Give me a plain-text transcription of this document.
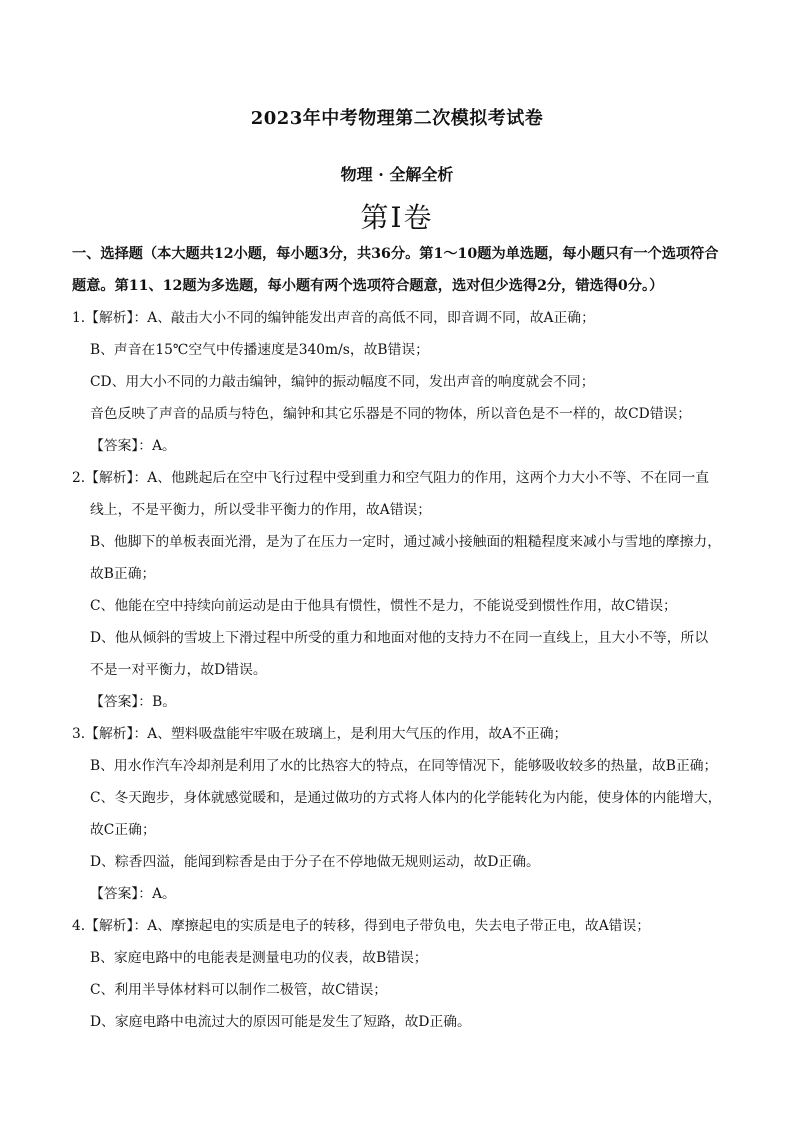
2023年中考物理第二次模拟考试卷
物理 · 全解全析
第Ⅰ卷

一、选择题（本大题共12小题，每小题3分，共36分。第1～10题为单选题，每小题只有一个选项符合

题意。第11、12题为多选题，每小题有两个选项符合题意，选对但少选得2分，错选得0分。）

1.【解析】：A、敲击大小不同的编钟能发出声音的高低不同，即音调不同，故A正确；

B、声音在15℃空气中传播速度是340m/s，故B错误；

CD、用大小不同的力敲击编钟，编钟的振动幅度不同，发出声音的响度就会不同；

音色反映了声音的品质与特色，编钟和其它乐器是不同的物体，所以音色是不一样的，故CD错误；

【答案】：A。

2.【解析】：A、他跳起后在空中飞行过程中受到重力和空气阻力的作用，这两个力大小不等、不在同一直

线上，不是平衡力，所以受非平衡力的作用，故A错误；

B、他脚下的单板表面光滑，是为了在压力一定时，通过减小接触面的粗糙程度来减小与雪地的摩擦力，

故B正确；

C、他能在空中持续向前运动是由于他具有惯性，惯性不是力，不能说受到惯性作用，故C错误；

D、他从倾斜的雪坡上下滑过程中所受的重力和地面对他的支持力不在同一直线上，且大小不等，所以

不是一对平衡力，故D错误。

【答案】：B。

3.【解析】：A、塑料吸盘能牢牢吸在玻璃上，是利用大气压的作用，故A不正确；

B、用水作汽车冷却剂是利用了水的比热容大的特点，在同等情况下，能够吸收较多的热量，故B正确；

C、冬天跑步，身体就感觉暖和，是通过做功的方式将人体内的化学能转化为内能，使身体的内能增大，

故C正确；

D、粽香四溢，能闻到粽香是由于分子在不停地做无规则运动，故D正确。

【答案】：A。

4.【解析】：A、摩擦起电的实质是电子的转移，得到电子带负电，失去电子带正电，故A错误；

B、家庭电路中的电能表是测量电功的仪表，故B错误；

C、利用半导体材料可以制作二极管，故C错误；

D、家庭电路中电流过大的原因可能是发生了短路，故D正确。
